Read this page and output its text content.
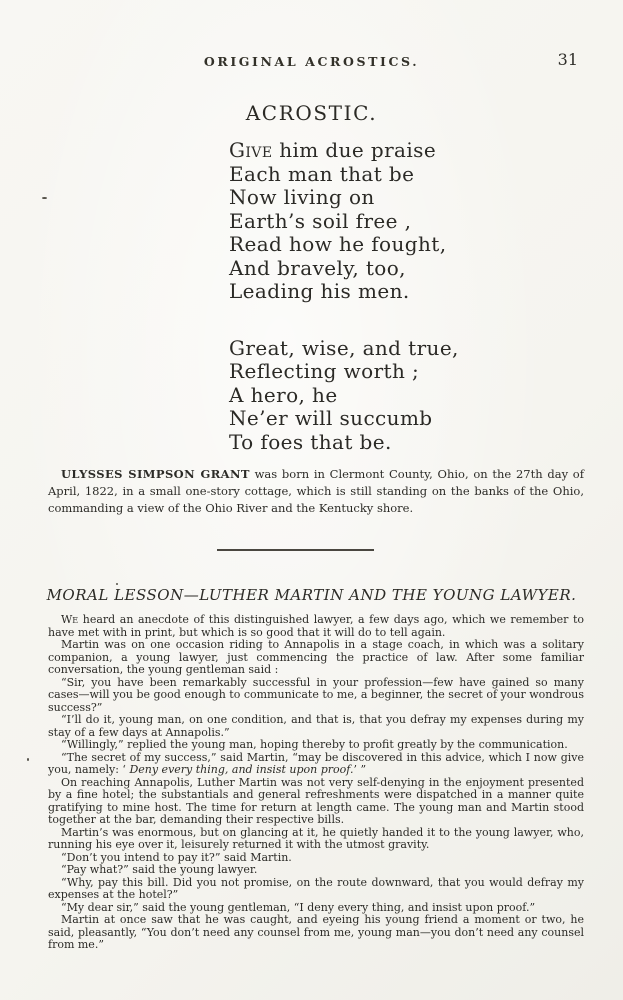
ORIGINAL ACROSTICS.	31
ACROSTIC.
Give him due praise
Each man that be
Now living on
Earth’s soil free ,
Read how he fought,
And bravely, too,
Leading his men.
Great, wise, and true,
Reflecting worth ;
A hero, he
Ne’er will succumb
To foes that be.

ULYSSES SIMPSON GRANT was born in Clermont County, Ohio, on the 27th day of April, 1822, in a small one-story cottage, which is still standing on the banks of the Ohio, commanding a view of the Ohio River and the Kentucky shore.

MORAL LESSON—LUTHER MARTIN AND THE YOUNG LAWYER.

We heard an anecdote of this distinguished lawyer, a few days ago, which we remember to have met with in print, but which is so good that it will do to tell again.

Martin was on one occasion riding to Annapolis in a stage coach, in which was a solitary companion, a young lawyer, just commencing the practice of law. After some familiar conversation, the young gentleman said :

“Sir, you have been remarkably successful in your profession—few have gained so many cases—will you be good enough to communicate to me, a beginner, the secret of your wondrous success?”

“I’ll do it, young man, on one condition, and that is, that you defray my expenses during my stay of a few days at Annapolis.”

“Willingly,” replied the young man, hoping thereby to profit greatly by the communication.

“The secret of my success,” said Martin, “may be discovered in this advice, which I now give you, namely: ‘ Deny every thing, and insist upon proof.’ ”

On reaching Annapolis, Luther Martin was not very self-denying in the enjoyment presented by a fine hotel; the substantials and general refreshments were dispatched in a manner quite gratifying to mine host. The time for return at length came. The young man and Martin stood together at the bar, demanding their respective bills.

Martin’s was enormous, but on glancing at it, he quietly handed it to the young lawyer, who, running his eye over it, leisurely returned it with the utmost gravity.

“Don’t you intend to pay it?” said Martin.

“Pay what?” said the young lawyer.

“Why, pay this bill. Did you not promise, on the route downward, that you would defray my expenses at the hotel?”

“My dear sir,” said the young gentleman, “I deny every thing, and insist upon proof.”

Martin at once saw that he was caught, and eyeing his young friend a moment or two, he said, pleasantly, “You don’t need any counsel from me, young man—you don’t need any counsel from me.”
